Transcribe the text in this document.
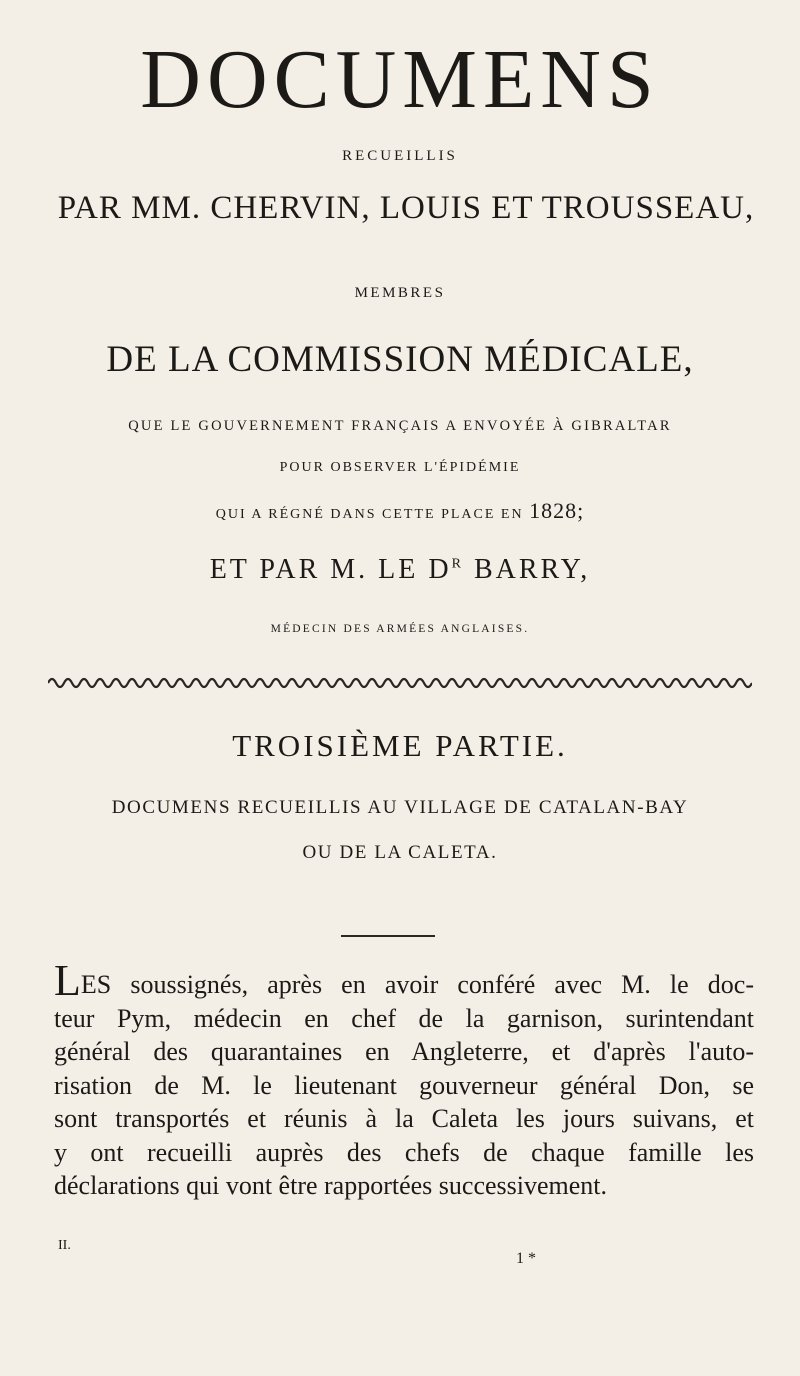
DOCUMENS
RECUEILLIS
PAR MM. CHERVIN, LOUIS ET TROUSSEAU,
MEMBRES
DE LA COMMISSION MÉDICALE,
QUE LE GOUVERNEMENT FRANÇAIS A ENVOYÉE À GIBRALTAR
POUR OBSERVER L'ÉPIDÉMIE
QUI A RÉGNÉ DANS CETTE PLACE EN 1828;
ET PAR M. LE $D^R$ BARRY,
MÉDECIN DES ARMÉES ANGLAISES.
TROISIÈME PARTIE.
DOCUMENS RECUEILLIS AU VILLAGE DE CATALAN-BAY
OU DE LA CALETA.
LES soussignés, après en avoir conféré avec M. le doc-
teur Pym, médecin en chef de la garnison, surintendant
général des quarantaines en Angleterre, et d'après l'auto-
risation de M. le lieutenant gouverneur général Don, se
sont transportés et réunis à la Caleta les jours suivans, et
y ont recueilli auprès des chefs de chaque famille les
déclarations qui vont être rapportées successivement.
II.
1 *
